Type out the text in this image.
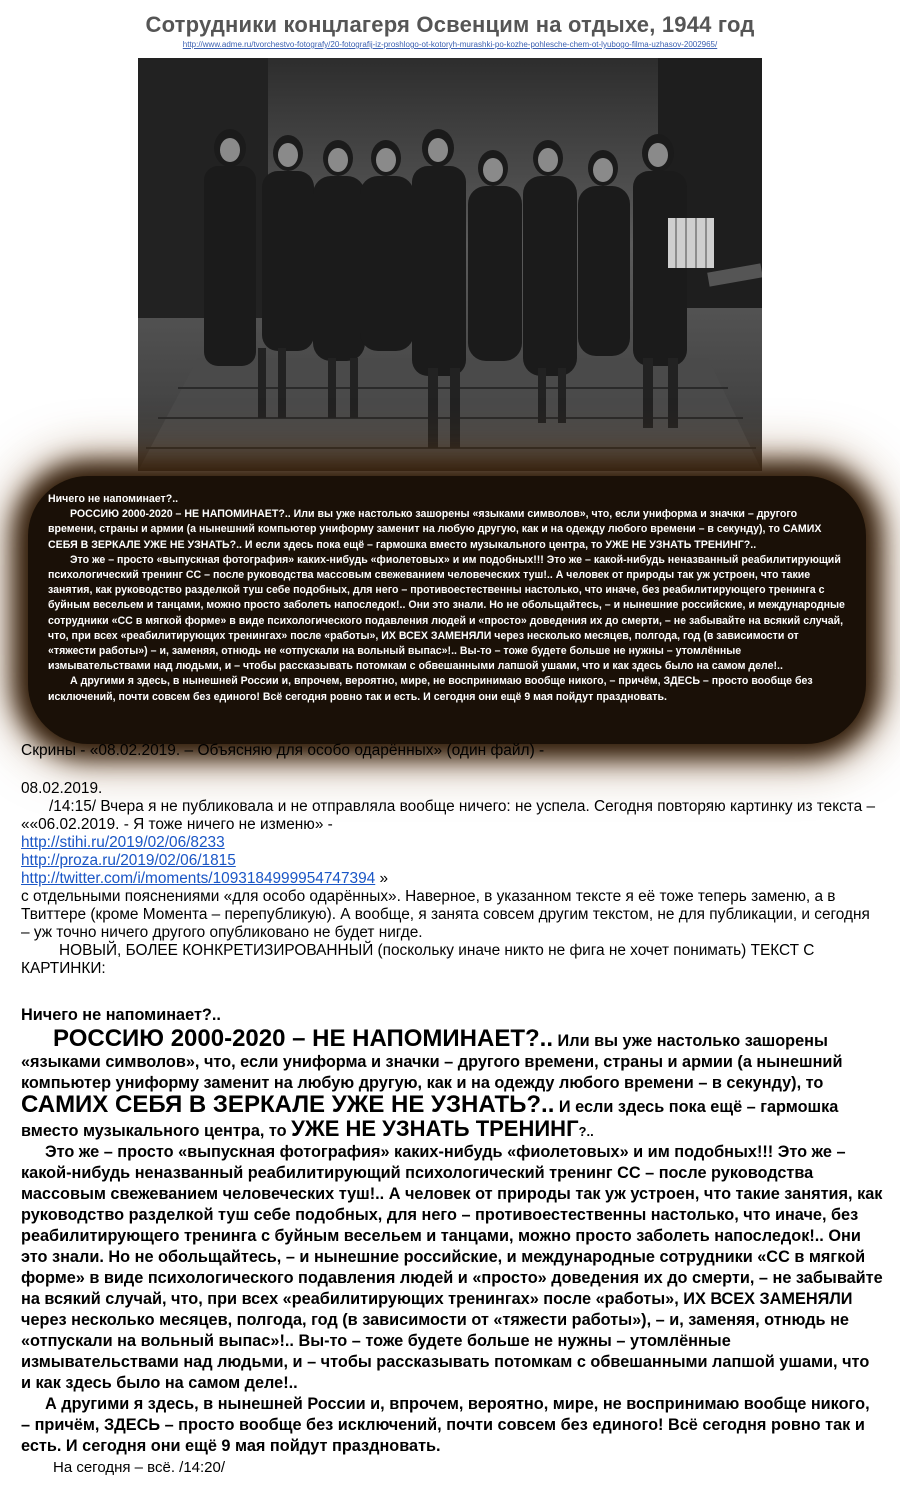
Сотрудники концлагеря Освенцим на отдыхе, 1944 год
http://www.adme.ru/tvorchestvo-fotografy/20-fotografij-iz-proshlogo-ot-kotoryh-murashki-po-kozhe-pohlesche-chem-ot-lyubogo-filma-uzhasov-2002965/

Ничего не напоминает?..

РОССИЮ 2000-2020 – НЕ НАПОМИНАЕТ?.. Или вы уже настолько зашорены «языками символов», что, если униформа и значки – другого времени, страны и армии (а нынешний компьютер униформу заменит на любую другую, как и на одежду любого времени – в секунду), то САМИХ СЕБЯ В ЗЕРКАЛЕ УЖЕ НЕ УЗНАТЬ?.. И если здесь пока ещё – гармошка вместо музыкального центра, то УЖЕ НЕ УЗНАТЬ ТРЕНИНГ?..

Это же – просто «выпускная фотография» каких-нибудь «фиолетовых» и им подобных!!! Это же – какой-нибудь неназванный реабилитирующий психологический тренинг СС – после руководства массовым свежеванием человеческих туш!.. А человек от природы так уж устроен, что такие занятия, как руководство разделкой туш себе подобных, для него – противоестественны настолько, что иначе, без реабилитирующего тренинга с буйным весельем и танцами, можно просто заболеть напоследок!.. Они это знали. Но не обольщайтесь, – и нынешние российские, и международные сотрудники «СС в мягкой форме» в виде психологического подавления людей и «просто» доведения их до смерти, – не забывайте на всякий случай, что, при всех «реабилитирующих тренингах» после «работы», ИХ ВСЕХ ЗАМЕНЯЛИ через несколько месяцев, полгода, год (в зависимости от «тяжести работы») – и, заменяя, отнюдь не «отпускали на вольный выпас»!.. Вы-то – тоже будете больше не нужны – утомлённые измывательствами над людьми, и – чтобы рассказывать потомкам с обвешанными лапшой ушами, что и как здесь было на самом деле!..

А другими я здесь, в нынешней России и, впрочем, вероятно, мире, не воспринимаю вообще никого, – причём, ЗДЕСЬ – просто вообще без исключений, почти совсем без единого! Всё сегодня ровно так и есть. И сегодня они ещё 9 мая пойдут праздновать.

Скрины - «08.02.2019. – Объясняю для особо одарённых» (один файл) -

08.02.2019.

/14:15/ Вчера я не публиковала и не отправляла вообще ничего: не успела. Сегодня повторяю картинку из текста – ««06.02.2019. - Я тоже ничего не изменю» -

http://stihi.ru/2019/02/06/8233

http://proza.ru/2019/02/06/1815

http://twitter.com/i/moments/1093184999954747394 »

с отдельными пояснениями «для особо одарённых». Наверное, в указанном тексте я её тоже теперь заменю, а в Твиттере (кроме Момента – перепубликую). А вообще, я занята совсем другим текстом, не для публикации, и сегодня – уж точно ничего другого опубликовано не будет нигде.

НОВЫЙ, БОЛЕЕ КОНКРЕТИЗИРОВАННЫЙ (поскольку иначе никто не фига не хочет понимать) ТЕКСТ С КАРТИНКИ:

Ничего не напоминает?..

РОССИЮ 2000-2020 – НЕ НАПОМИНАЕТ?.. Или вы уже настолько зашорены «языками символов», что, если униформа и значки – другого времени, страны и армии (а нынешний компьютер униформу заменит на любую другую, как и на одежду любого времени – в секунду), то САМИХ СЕБЯ В ЗЕРКАЛЕ УЖЕ НЕ УЗНАТЬ?.. И если здесь пока ещё – гармошка вместо музыкального центра, то УЖЕ НЕ УЗНАТЬ ТРЕНИНГ?..

Это же – просто «выпускная фотография» каких-нибудь «фиолетовых» и им подобных!!! Это же – какой-нибудь неназванный реабилитирующий психологический тренинг СС – после руководства массовым свежеванием человеческих туш!.. А человек от природы так уж устроен, что такие занятия, как руководство разделкой туш себе подобных, для него – противоестественны настолько, что иначе, без реабилитирующего тренинга с буйным весельем и танцами, можно просто заболеть напоследок!.. Они это знали. Но не обольщайтесь, – и нынешние российские, и международные сотрудники «СС в мягкой форме» в виде психологического подавления людей и «просто» доведения их до смерти, – не забывайте на всякий случай, что, при всех «реабилитирующих тренингах» после «работы», ИХ ВСЕХ ЗАМЕНЯЛИ через несколько месяцев, полгода, год (в зависимости от «тяжести работы»), – и, заменяя, отнюдь не «отпускали на вольный выпас»!.. Вы-то – тоже будете больше не нужны – утомлённые измывательствами над людьми, и – чтобы рассказывать потомкам с обвешанными лапшой ушами, что и как здесь было на самом деле!..

А другими я здесь, в нынешней России и, впрочем, вероятно, мире, не воспринимаю вообще никого, – причём, ЗДЕСЬ – просто вообще без исключений, почти совсем без единого! Всё сегодня ровно так и есть. И сегодня они ещё 9 мая пойдут праздновать.

На сегодня – всё. /14:20/
